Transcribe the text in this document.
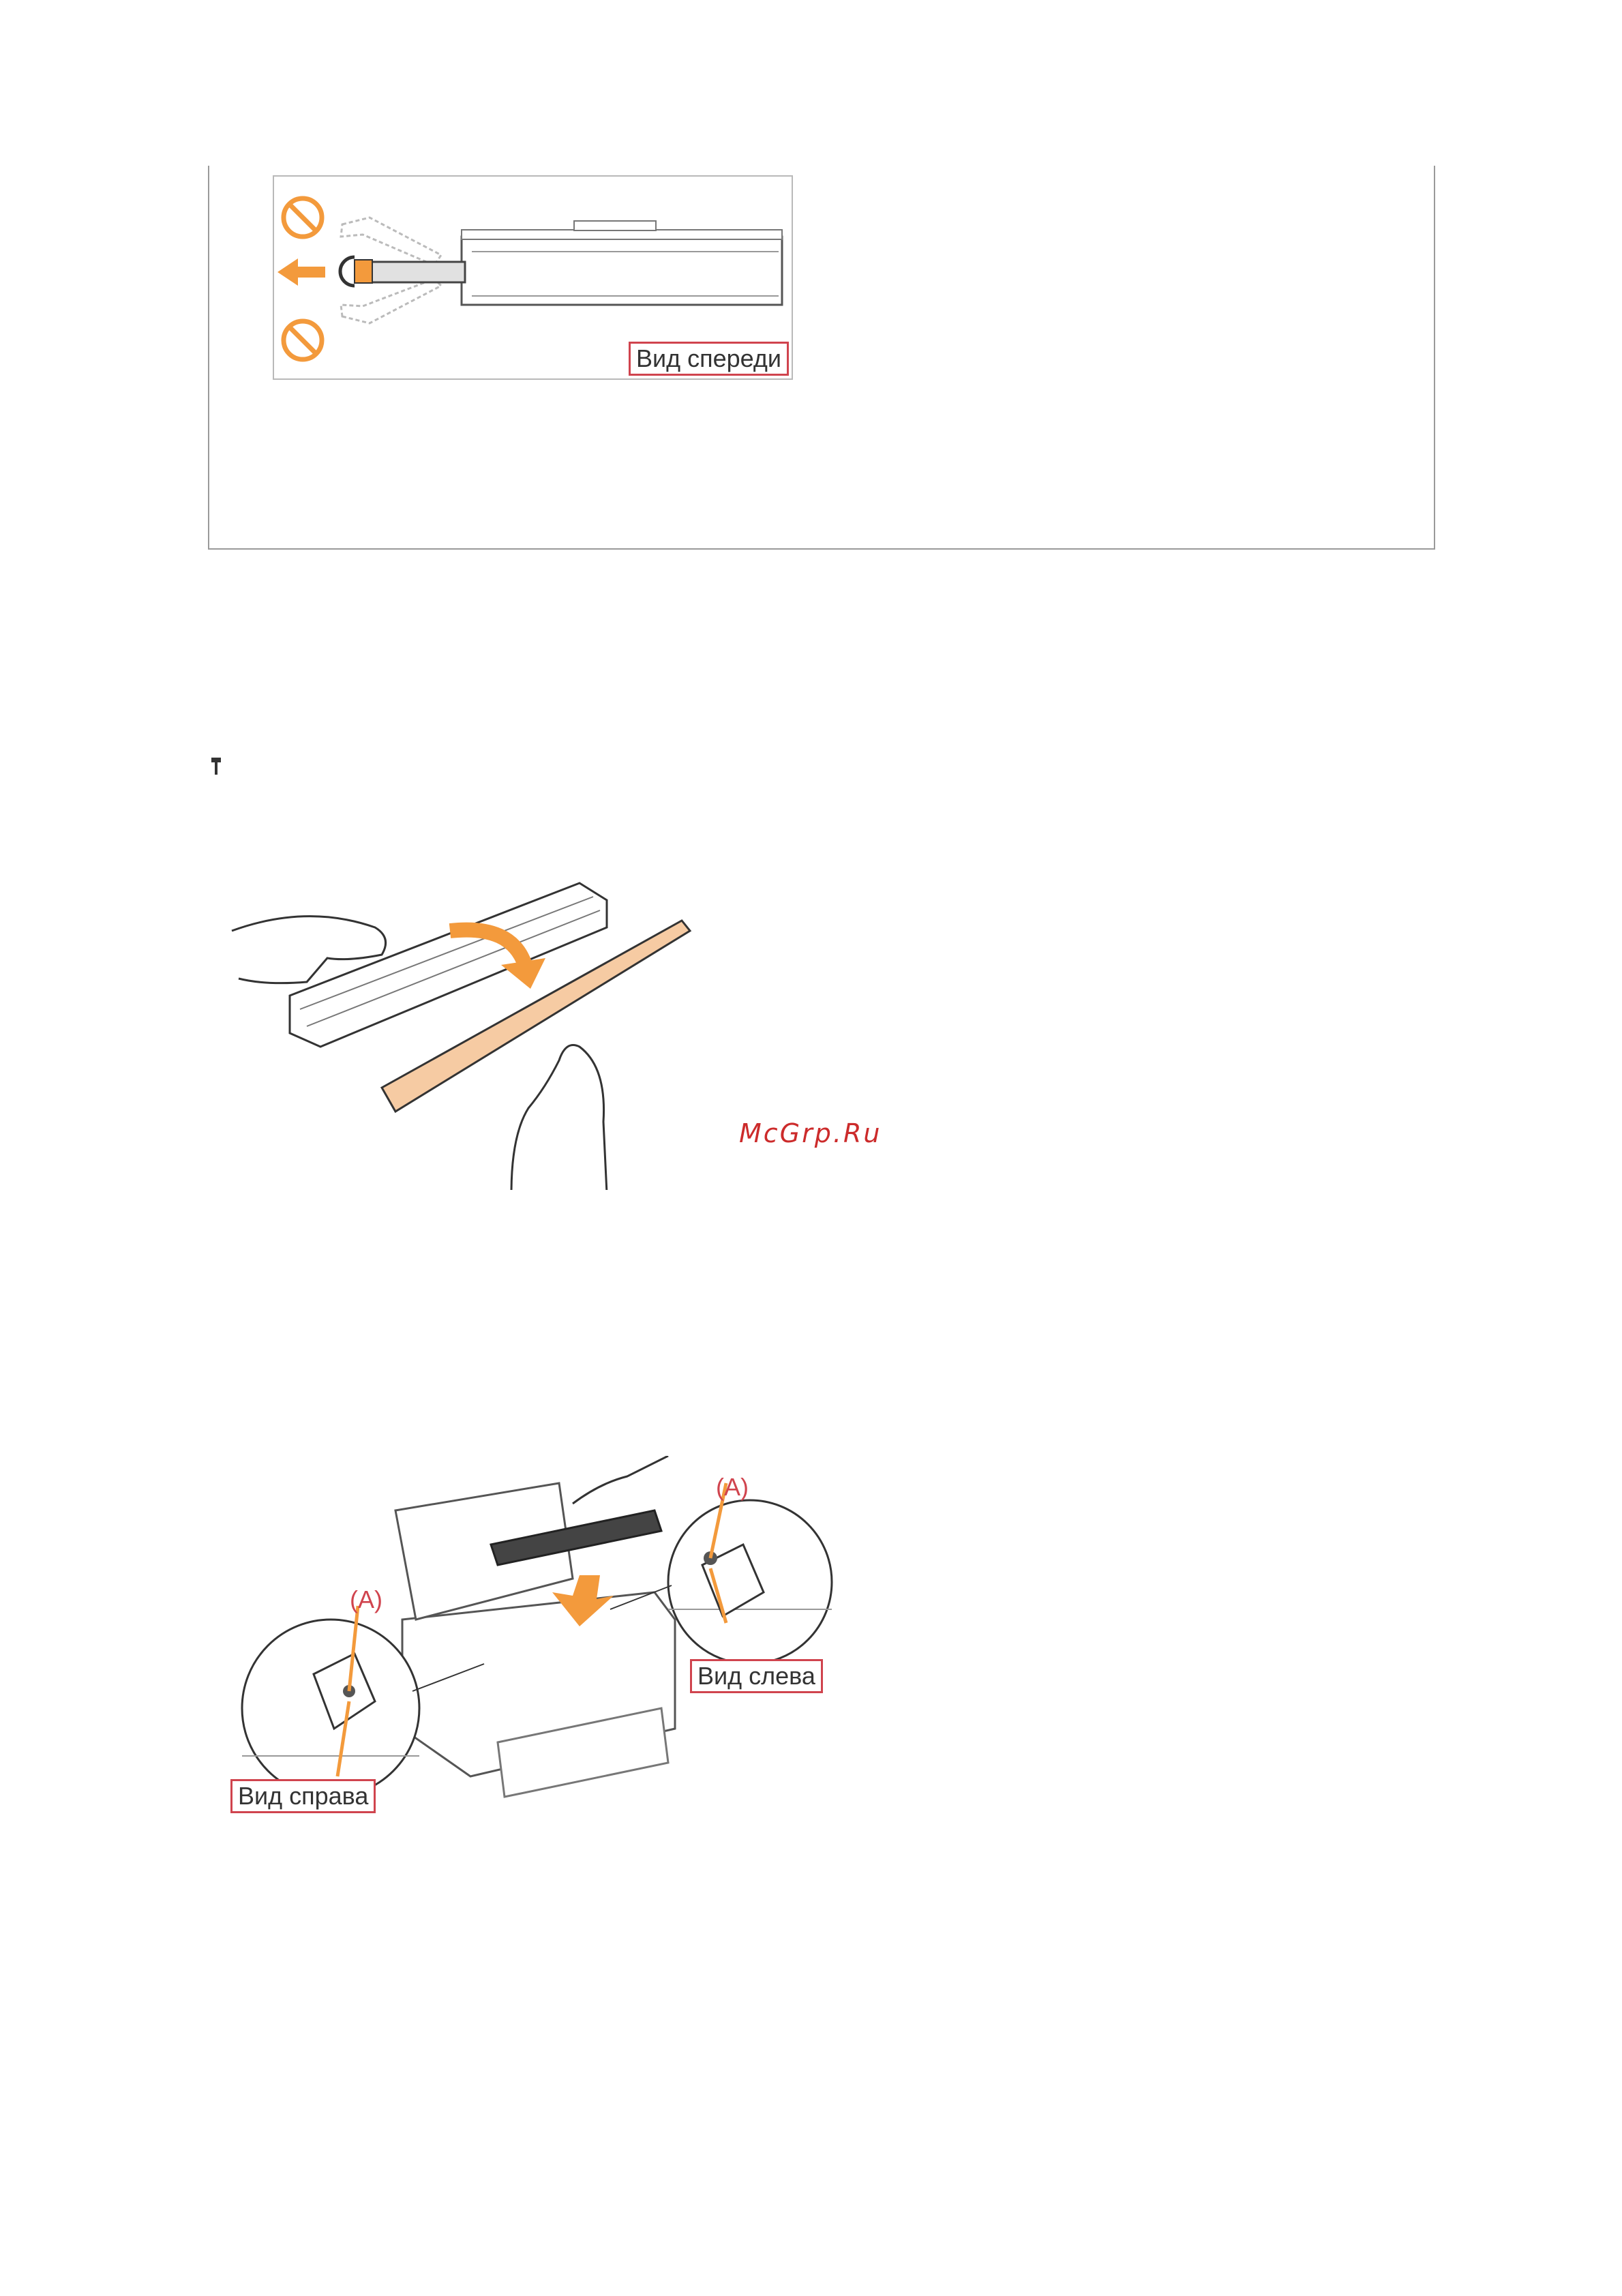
Вид спереди
McGrp.Ru
(A)
(A)
Вид справа
Вид слева
